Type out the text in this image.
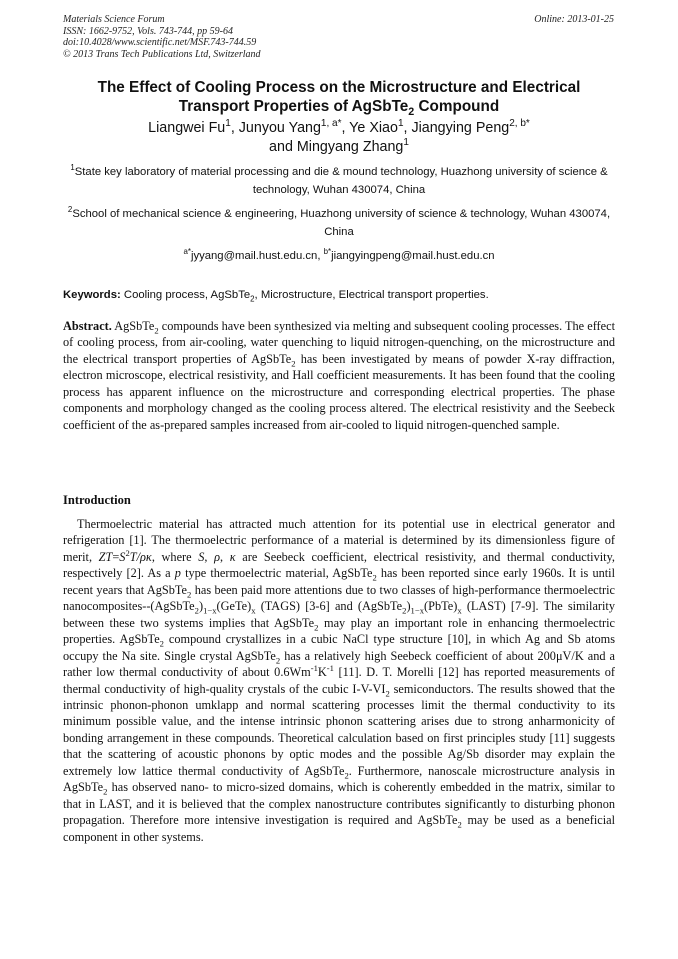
Materials Science Forum
ISSN: 1662-9752, Vols. 743-744, pp 59-64
doi:10.4028/www.scientific.net/MSF.743-744.59
© 2013 Trans Tech Publications Ltd, Switzerland
Online: 2013-01-25
The Effect of Cooling Process on the Microstructure and Electrical
Transport Properties of AgSbTe$_2$ Compound
Liangwei Fu$^1$, Junyou Yang$^{1, a*}$, Ye Xiao$^1$, Jiangying Peng$^{2, b*}$
and Mingyang Zhang$^1$
$^1$State key laboratory of material processing and die & mound technology, Huazhong university of science & technology, Wuhan 430074, China
$^2$School of mechanical science & engineering, Huazhong university of science & technology, Wuhan 430074, China
$^{a*}$jyyang@mail.hust.edu.cn, $^{b*}$jiangyingpeng@mail.hust.edu.cn
Keywords: Cooling process, AgSbTe$_2$, Microstructure, Electrical transport properties.
Abstract. AgSbTe$_2$ compounds have been synthesized via melting and subsequent cooling processes. The effect of cooling process, from air-cooling, water quenching to liquid nitrogen-quenching, on the microstructure and the electrical transport properties of AgSbTe$_2$ has been investigated by means of powder X-ray diffraction, electron microscope, electrical resistivity, and Hall coefficient measurements. It has been found that the cooling process has apparent influence on the microstructure and corresponding electrical properties. The phase components and morphology changed as the cooling process altered. The electrical resistivity and the Seebeck coefficient of the as-prepared samples increased from air-cooled to liquid nitrogen-quenched sample.
Introduction
Thermoelectric material has attracted much attention for its potential use in electrical generator and refrigeration [1]. The thermoelectric performance of a material is determined by its dimensionless figure of merit, $ZT=S^2T/\rho\kappa$, where S, ρ, κ are Seebeck coefficient, electrical resistivity, and thermal conductivity, respectively [2]. As a p type thermoelectric material, AgSbTe$_2$ has been reported since early 1960s. It is until recent years that AgSbTe$_2$ has been paid more attentions due to two classes of high-performance thermoelectric nanocomposites-$-(AgSbTe_2)_{1-x}(GeTe)_x$ (TAGS) [3-6] and $(AgSbTe_2)_{1-x}(PbTe)_x$ (LAST) [7-9]. The similarity between these two systems implies that AgSbTe$_2$ may play an important role in enhancing thermoelectric properties. AgSbTe$_2$ compound crystallizes in a cubic NaCl type structure [10], in which Ag and Sb atoms occupy the Na site. Single crystal AgSbTe$_2$ has a relatively high Seebeck coefficient of about 200μV/K and a rather low thermal conductivity of about $0.6Wm^{-1}K^{-1}$ [11]. D. T. Morelli [12] has reported measurements of thermal conductivity of high-quality crystals of the cubic $I-V-VI_2$ semiconductors. The results showed that the intrinsic phonon-phonon umklapp and normal scattering processes limit the thermal conductivity to its minimum possible value, and the intense intrinsic phonon scattering arises due to strong anharmonicity of bonding arrangement in these compounds. Theoretical calculation based on first principles study [11] suggests that the scattering of acoustic phonons by optic modes and the possible Ag/Sb disorder may explain the extremely low lattice thermal conductivity of AgSbTe$_2$. Furthermore, nanoscale microstructure analysis in AgSbTe$_2$ has observed nano- to micro-sized domains, which is coherently embedded in the matrix, similar to that in LAST, and it is believed that the complex nanostructure contributes significantly to disturbing phonon propagation. Therefore more intensive investigation is required and AgSbTe$_2$ may be used as a beneficial component in other systems.
